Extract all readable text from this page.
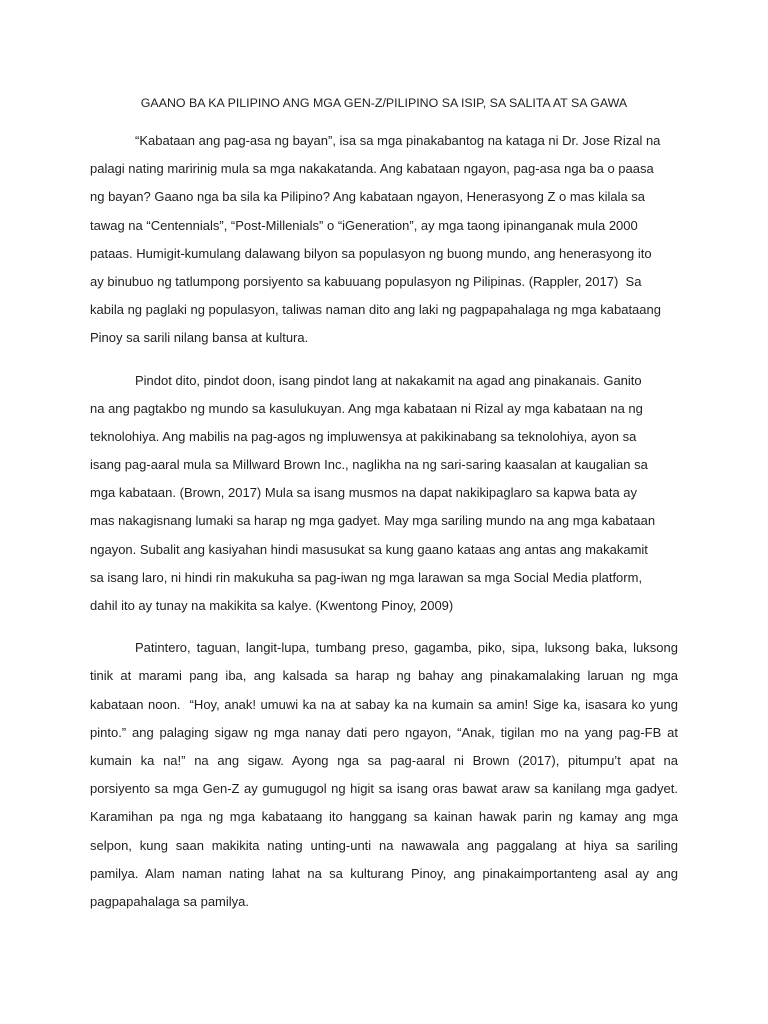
GAANO BA KA PILIPINO ANG MGA GEN-Z/PILIPINO SA ISIP, SA SALITA AT SA GAWA
“Kabataan ang pag-asa ng bayan”, isa sa mga pinakabantog na kataga ni Dr. Jose Rizal na
palagi nating maririnig mula sa mga nakakatanda. Ang kabataan ngayon, pag-asa nga ba o paasa
ng bayan? Gaano nga ba sila ka Pilipino? Ang kabataan ngayon, Henerasyong Z o mas kilala sa
tawag na “Centennials”, “Post-Millenials” o “iGeneration”, ay mga taong ipinanganak mula 2000
pataas. Humigit-kumulang dalawang bilyon sa populasyon ng buong mundo, ang henerasyong ito
ay binubuo ng tatlumpong porsiyento sa kabuuang populasyon ng Pilipinas. (Rappler, 2017)  Sa
kabila ng paglaki ng populasyon, taliwas naman dito ang laki ng pagpapahalaga ng mga kabataang
Pinoy sa sarili nilang bansa at kultura.
Pindot dito, pindot doon, isang pindot lang at nakakamit na agad ang pinakanais. Ganito
na ang pagtakbo ng mundo sa kasulukuyan. Ang mga kabataan ni Rizal ay mga kabataan na ng
teknolohiya. Ang mabilis na pag-agos ng impluwensya at pakikinabang sa teknolohiya, ayon sa
isang pag-aaral mula sa Millward Brown Inc., naglikha na ng sari-saring kaasalan at kaugalian sa
mga kabataan. (Brown, 2017) Mula sa isang musmos na dapat nakikipaglaro sa kapwa bata ay
mas nakagisnang lumaki sa harap ng mga gadyet. May mga sariling mundo na ang mga kabataan
ngayon. Subalit ang kasiyahan hindi masusukat sa kung gaano kataas ang antas ang makakamit
sa isang laro, ni hindi rin makukuha sa pag-iwan ng mga larawan sa mga Social Media platform,
dahil ito ay tunay na makikita sa kalye. (Kwentong Pinoy, 2009)
Patintero, taguan, langit-lupa, tumbang preso, gagamba, piko, sipa, luksong baka, luksong
tinik at marami pang iba, ang kalsada sa harap ng bahay ang pinakamalaking laruan ng mga
kabataan noon.  “Hoy, anak! umuwi ka na at sabay ka na kumain sa amin! Sige ka, isasara ko yung
pinto.” ang palaging sigaw ng mga nanay dati pero ngayon, “Anak, tigilan mo na yang pag-FB at
kumain ka na!” na ang sigaw. Ayong nga sa pag-aaral ni Brown (2017), pitumpu’t apat na
porsiyento sa mga Gen-Z ay gumugugol ng higit sa isang oras bawat araw sa kanilang mga gadyet.
Karamihan pa nga ng mga kabataang ito hanggang sa kainan hawak parin ng kamay ang mga
selpon, kung saan makikita nating unting-unti na nawawala ang paggalang at hiya sa sariling
pamilya. Alam naman nating lahat na sa kulturang Pinoy, ang pinakaimportanteng asal ay ang
pagpapahalaga sa pamilya.
